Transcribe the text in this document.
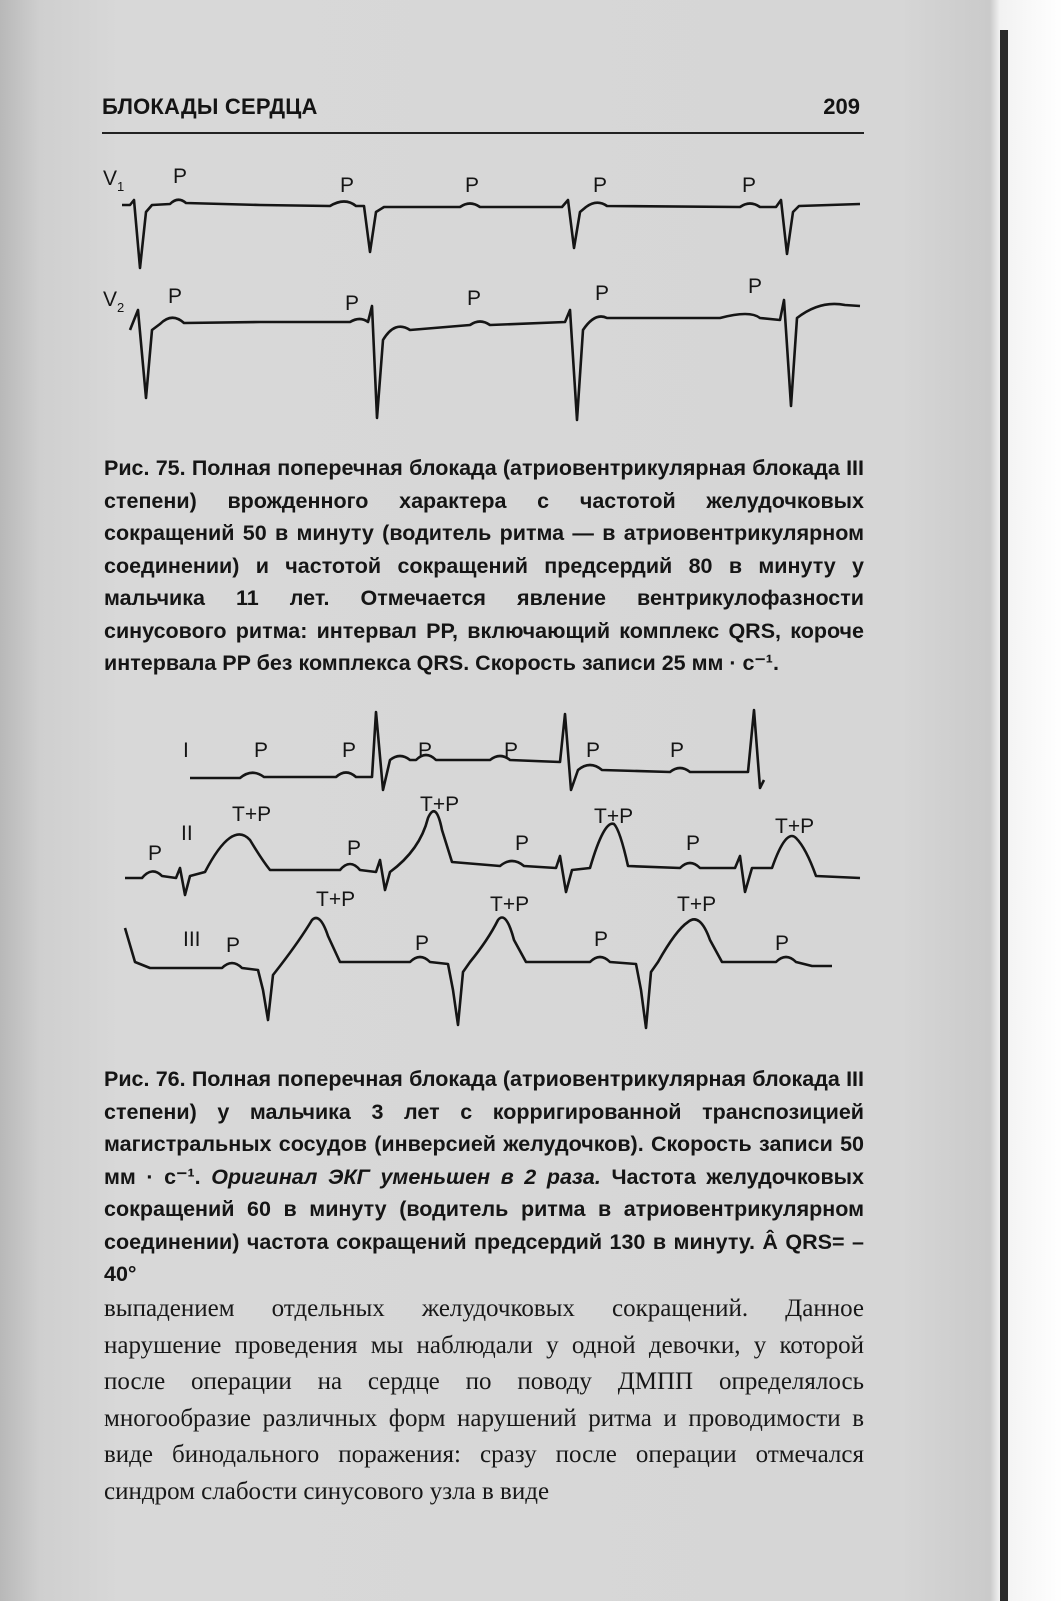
БЛОКАДЫ СЕРДЦА	209
$V_1$
$V_2$
P	P	P	P	P
P	P	P	P	P
Рис. 75. Полная поперечная блокада (атриовентрикулярная блокада III степени) врожденного характера с частотой желудочковых сокращений 50 в минуту (водитель ритма — в атриовентрикулярном соединении) и частотой сокращений предсердий 80 в минуту у мальчика 11 лет. Отмечается явление вентрикулофазности синусового ритма: интервал PP, включающий комплекс QRS, короче интервала PP без комплекса QRS. Скорость записи 25 мм · с⁻¹.
I
II
III
P	P	P	P	P	P
P
T+P
P
T+P
P
T+P
P
T+P
P
T+P
P
T+P
P
T+P
P
Рис. 76. Полная поперечная блокада (атриовентрикулярная блокада III степени) у мальчика 3 лет с корригированной транспозицией магистральных сосудов (инверсией желудочков). Скорость записи 50 мм · с⁻¹. Оригинал ЭКГ уменьшен в 2 раза. Частота желудочковых сокращений 60 в минуту (водитель ритма в атриовентрикулярном соединении) частота сокращений предсердий 130 в минуту. Â QRS= – 40°
выпадением отдельных желудочковых сокращений. Данное нарушение проведения мы наблюдали у одной девочки, у которой после операции на сердце по поводу ДМПП определялось многообразие различных форм нарушений ритма и проводимости в виде бинодального поражения: сразу после операции отмечался синдром слабости синусового узла в виде
